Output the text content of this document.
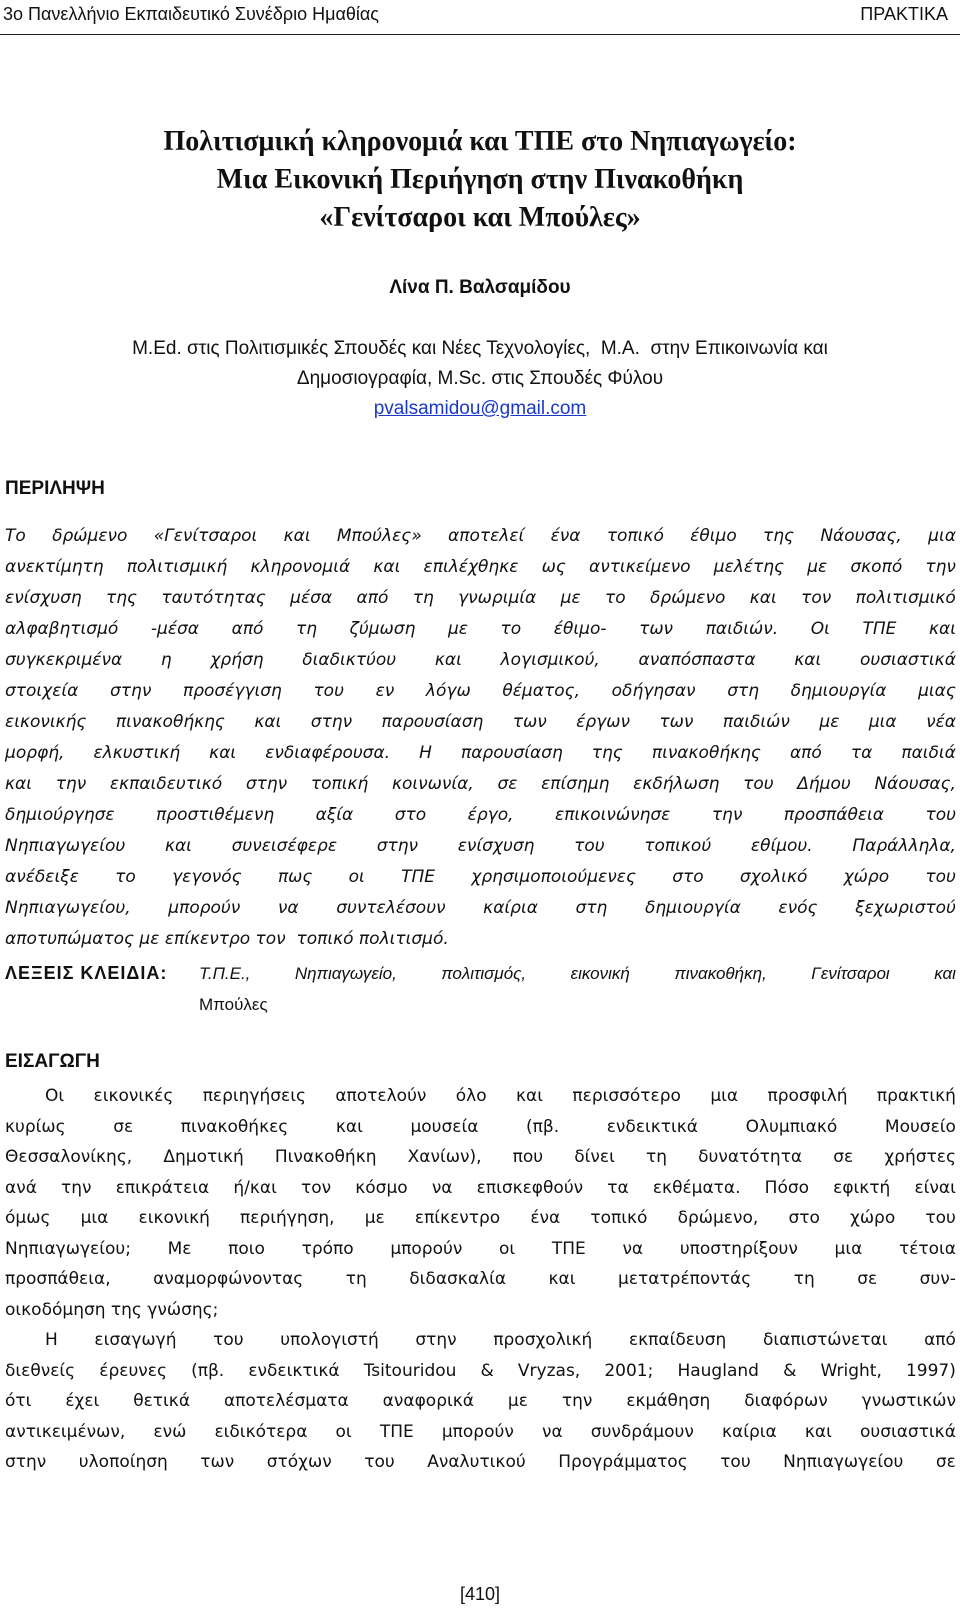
3ο Πανελλήνιο Εκπαιδευτικό Συνέδριο Ημαθίας	ΠΡΑΚΤΙΚΑ
Πολιτισμική κληρονομιά και ΤΠΕ στο Νηπιαγωγείο:
Μια Εικονική Περιήγηση στην Πινακοθήκη
«Γενίτσαροι και Μπούλες»
Λίνα Π. Βαλσαμίδου
M.Ed. στις Πολιτισμικές Σπουδές και Νέες Τεχνολογίες,  M.A.  στην Επικοινωνία και
Δημοσιογραφία, M.Sc. στις Σπουδές Φύλου
pvalsamidou@gmail.com
ΠΕΡΙΛΗΨΗ
Το δρώμενο «Γενίτσαροι και Μπούλες» αποτελεί ένα τοπικό έθιμο της Νάουσας, μια
ανεκτίμητη πολιτισμική κληρονομιά και επιλέχθηκε ως αντικείμενο μελέτης με σκοπό την
ενίσχυση της ταυτότητας μέσα από τη γνωριμία με το δρώμενο και τον πολιτισμικό
αλφαβητισμό -μέσα από τη ζύμωση με το έθιμο- των παιδιών. Οι ΤΠΕ και
συγκεκριμένα η χρήση διαδικτύου και λογισμικού, αναπόσπαστα και ουσιαστικά
στοιχεία στην προσέγγιση του εν λόγω θέματος, οδήγησαν στη δημιουργία μιας
εικονικής πινακοθήκης και στην παρουσίαση των έργων των παιδιών με μια νέα
μορφή, ελκυστική και ενδιαφέρουσα. Η παρουσίαση της πινακοθήκης από τα παιδιά
και την εκπαιδευτικό στην τοπική κοινωνία, σε επίσημη εκδήλωση του Δήμου Νάουσας,
δημιούργησε προστιθέμενη αξία στο έργο, επικοινώνησε την προσπάθεια του
Νηπιαγωγείου και συνεισέφερε στην ενίσχυση του τοπικού εθίμου. Παράλληλα,
ανέδειξε το γεγονός πως οι ΤΠΕ χρησιμοποιούμενες στο σχολικό χώρο του
Νηπιαγωγείου, μπορούν να συντελέσουν καίρια στη δημιουργία ενός ξεχωριστού
αποτυπώματος με επίκεντρο τον  τοπικό πολιτισμό.
ΛΕΞΕΙΣ ΚΛΕΙΔΙΑ:	Τ.Π.Ε.,	Νηπιαγωγείο,	πολιτισμός,	εικονική	πινακοθήκη,	Γενίτσαροι	και
Μπούλες
ΕΙΣΑΓΩΓΗ
Οι εικονικές περιηγήσεις αποτελούν όλο και περισσότερο μια προσφιλή πρακτική
κυρίως	σε	πινακοθήκες	και	μουσεία	(πβ.	ενδεικτικά	Ολυμπιακό	Μουσείο
Θεσσαλονίκης, Δημοτική Πινακοθήκη Χανίων), που δίνει τη δυνατότητα σε χρήστες
ανά την επικράτεια ή/και τον κόσμο να επισκεφθούν τα εκθέματα. Πόσο εφικτή είναι
όμως μια εικονική περιήγηση, με επίκεντρο ένα τοπικό δρώμενο, στο χώρο του
Νηπιαγωγείου; Με ποιο τρόπο μπορούν οι ΤΠΕ να υποστηρίξουν μια τέτοια
προσπάθεια, αναμορφώνοντας τη διδασκαλία και μετατρέποντάς τη σε συν-
οικοδόμηση της γνώσης;
Η εισαγωγή του υπολογιστή στην προσχολική εκπαίδευση διαπιστώνεται από
διεθνείς έρευνες (πβ. ενδεικτικά Tsitouridou & Vryzas, 2001; Haugland & Wright, 1997)
ότι έχει θετικά αποτελέσματα αναφορικά με την εκμάθηση διαφόρων γνωστικών
αντικειμένων, ενώ ειδικότερα οι ΤΠΕ μπορούν να συνδράμουν καίρια και ουσιαστικά
στην υλοποίηση των στόχων του Αναλυτικού Προγράμματος του Νηπιαγωγείου σε
[410]
